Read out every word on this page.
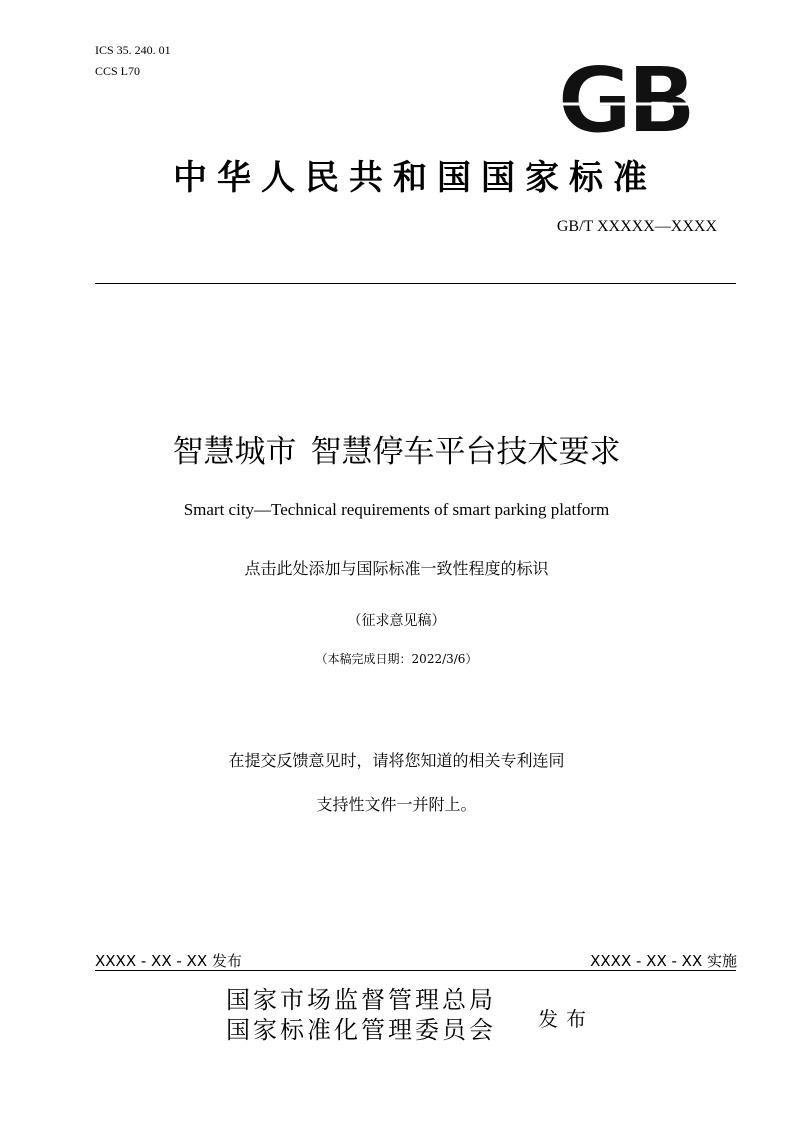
ICS 35. 240. 01
CCS L70	GB
中华人民共和国国家标准
GB/T XXXXX—XXXX
智慧城市 智慧停车平台技术要求
Smart city—Technical requirements of smart parking platform
点击此处添加与国际标准一致性程度的标识
（征求意见稿）
（本稿完成日期：2022/3/6）
在提交反馈意见时，请将您知道的相关专利连同
支持性文件一并附上。
XXXX - XX - XX 发布	XXXX - XX - XX 实施
国家市场监督管理总局
国家标准化管理委员会 发布
